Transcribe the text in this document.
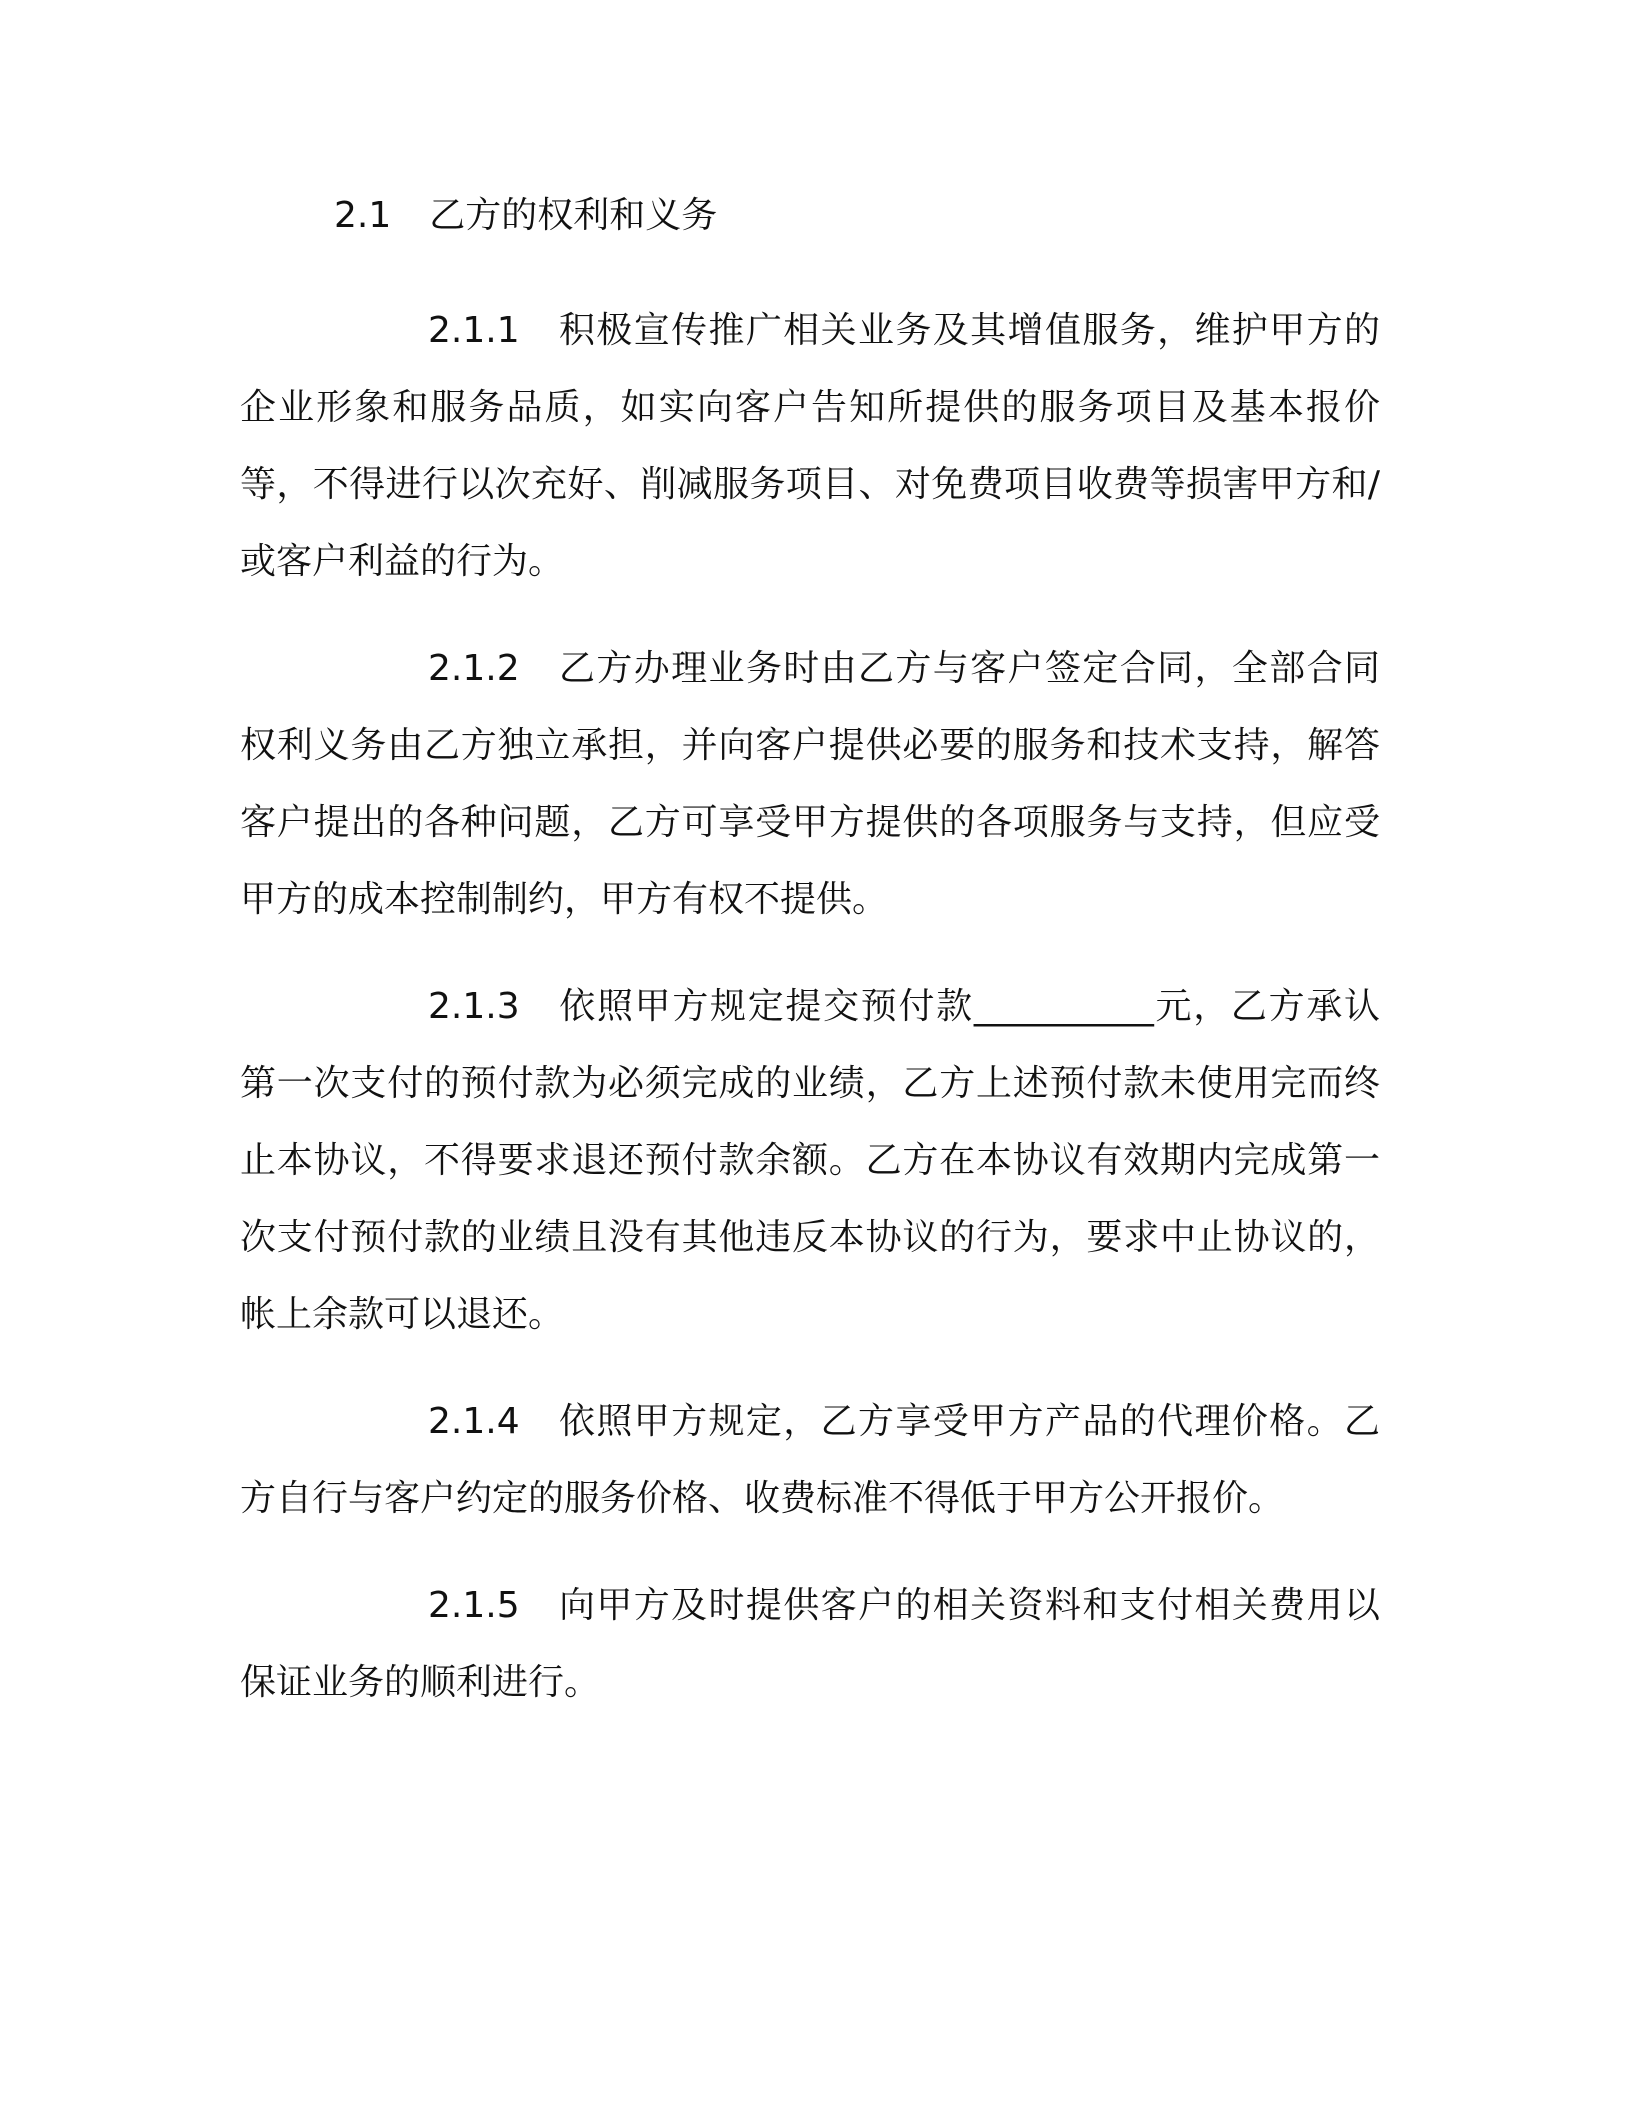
2.1 乙方的权利和义务

2.1.1 积极宣传推广相关业务及其增值服务，维护甲方的企业形象和服务品质，如实向客户告知所提供的服务项目及基本报价等，不得进行以次充好、削减服务项目、对免费项目收费等损害甲方和/或客户利益的行为。

2.1.2 乙方办理业务时由乙方与客户签定合同，全部合同权利义务由乙方独立承担，并向客户提供必要的服务和技术支持，解答客户提出的各种问题，乙方可享受甲方提供的各项服务与支持，但应受甲方的成本控制制约，甲方有权不提供。

2.1.3 依照甲方规定提交预付款__________元，乙方承认第一次支付的预付款为必须完成的业绩，乙方上述预付款未使用完而终止本协议，不得要求退还预付款余额。乙方在本协议有效期内完成第一次支付预付款的业绩且没有其他违反本协议的行为，要求中止协议的，帐上余款可以退还。

2.1.4 依照甲方规定，乙方享受甲方产品的代理价格。乙方自行与客户约定的服务价格、收费标准不得低于甲方公开报价。

2.1.5 向甲方及时提供客户的相关资料和支付相关费用以保证业务的顺利进行。
